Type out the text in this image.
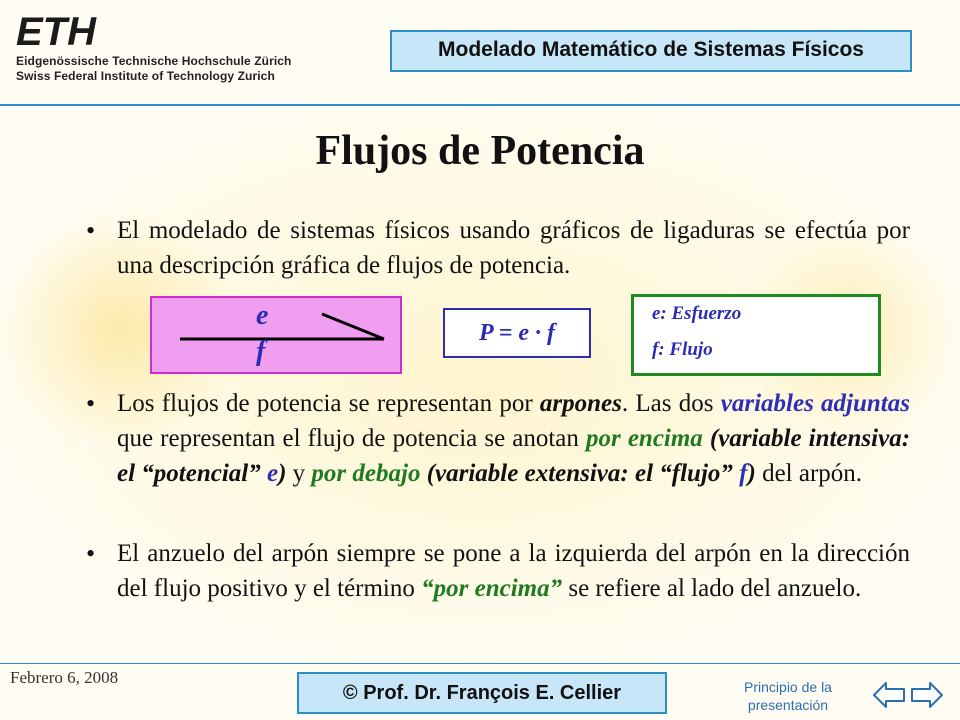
ETH
Eidgenössische Technische Hochschule Zürich
Swiss Federal Institute of Technology Zurich
Modelado Matemático de Sistemas Físicos
Flujos de Potencia
• El modelado de sistemas físicos usando gráficos de ligaduras se efectúa por una descripción gráfica de flujos de potencia.
e
f
P = e · f
e: Esfuerzo
f: Flujo
• Los flujos de potencia se representan por arpones. Las dos variables adjuntas que representan el flujo de potencia se anotan por encima (variable intensiva: el “potencial” e) y por debajo (variable extensiva: el “flujo” f) del arpón.
• El anzuelo del arpón siempre se pone a la izquierda del arpón en la dirección del flujo positivo y el término “por encima” se refiere al lado del anzuelo.
Febrero 6, 2008
© Prof. Dr. François E. Cellier	Principio de la presentación
